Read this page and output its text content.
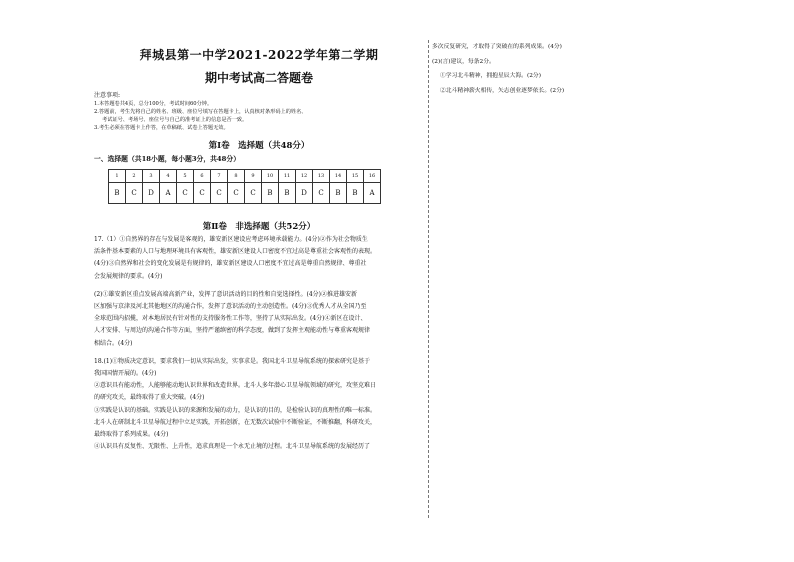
拜城县第一中学2021-2022学年第二学期
期中考试高二答题卷
注意事项:
1.本答题卷共4页，总分100分，考试时间60分钟。
2.答题前，考生先将自己的姓名、班级、座位号填写在答题卡上，认真核对条形码上的姓名、
考试证号、考场号、座位号与自己的准考证上的信息是否一致。
3.考生必须在答题卡上作答，在草稿纸、试卷上答题无效。
第Ⅰ卷　选择题（共48分）
一、选择题（共18小题，每小题3分，共48分）
1	2	3	4	5	6	7	8	9	10	11	12	13	14	15	16
B	C	D	A	C	C	C	C	C	B	B	D	C	B	B	A
第Ⅱ卷　非选择题（共52分）

17.（1）①自然界的存在与发展是客观的，雄安新区建设应考虑环境承载能力。(4分)②作为社会物质生

活条件基本要素的人口与地理环境具有客观性，雄安新区建设人口密度不宜过高是尊重社会客观性的表现。

(4分)③自然界和社会的变化发展是有规律的，雄安新区建设人口密度不宜过高是尊重自然规律、尊重社

会发展规律的要求。(4分)

(2)①雄安新区重点发展高端高新产业，发挥了意识活动的目的性和自觉选择性。(4分)②推进雄安新

区加强与京津及河北其他地区的沟通合作，发挥了意识活动的主动创造性。(4分)③优秀人才从全国乃至

全球范围内招揽，对本地居民有针对性的支持服务性工作等，坚持了从实际出发。(4分)④新区在设计、

人才安排、与周边的沟通合作等方面，坚持严谨缜密的科学态度，做到了发挥主观能动性与尊重客观规律

相结合。(4分)

18.(1)①物质决定意识，要求我们一切从实际出发，实事求是。我国北斗卫星导航系统的探索研究是基于

我国国情开展的。(4分)

②意识具有能动性，人能够能动地认识世界和改造世界。北斗人多年潜心卫星导航领域的研究，攻坚克难日

的研究攻关，最终取得了重大突破。(4分)

③实践是认识的基础。实践是认识的来源和发展的动力，是认识的目的，是检验认识的真理性的唯一标准。

北斗人在研制北斗卫星导航过程中立足实践，开拓创新，在无数次试验中不断验证，不断推翻，科研攻关，

最终取得了系列成果。(4分)

④认识具有反复性、无限性、上升性，追求真理是一个永无止境的过程。北斗卫星导航系统的发展经历了

多次反复研究，才取得了突破在的系列成果。(4分)

(2)(言)建议，每条2分。

①学习北斗精神，拥抱星辰大海。(2分)

②北斗精神薪火相传，矢志创业逐梦依长。(2分)
